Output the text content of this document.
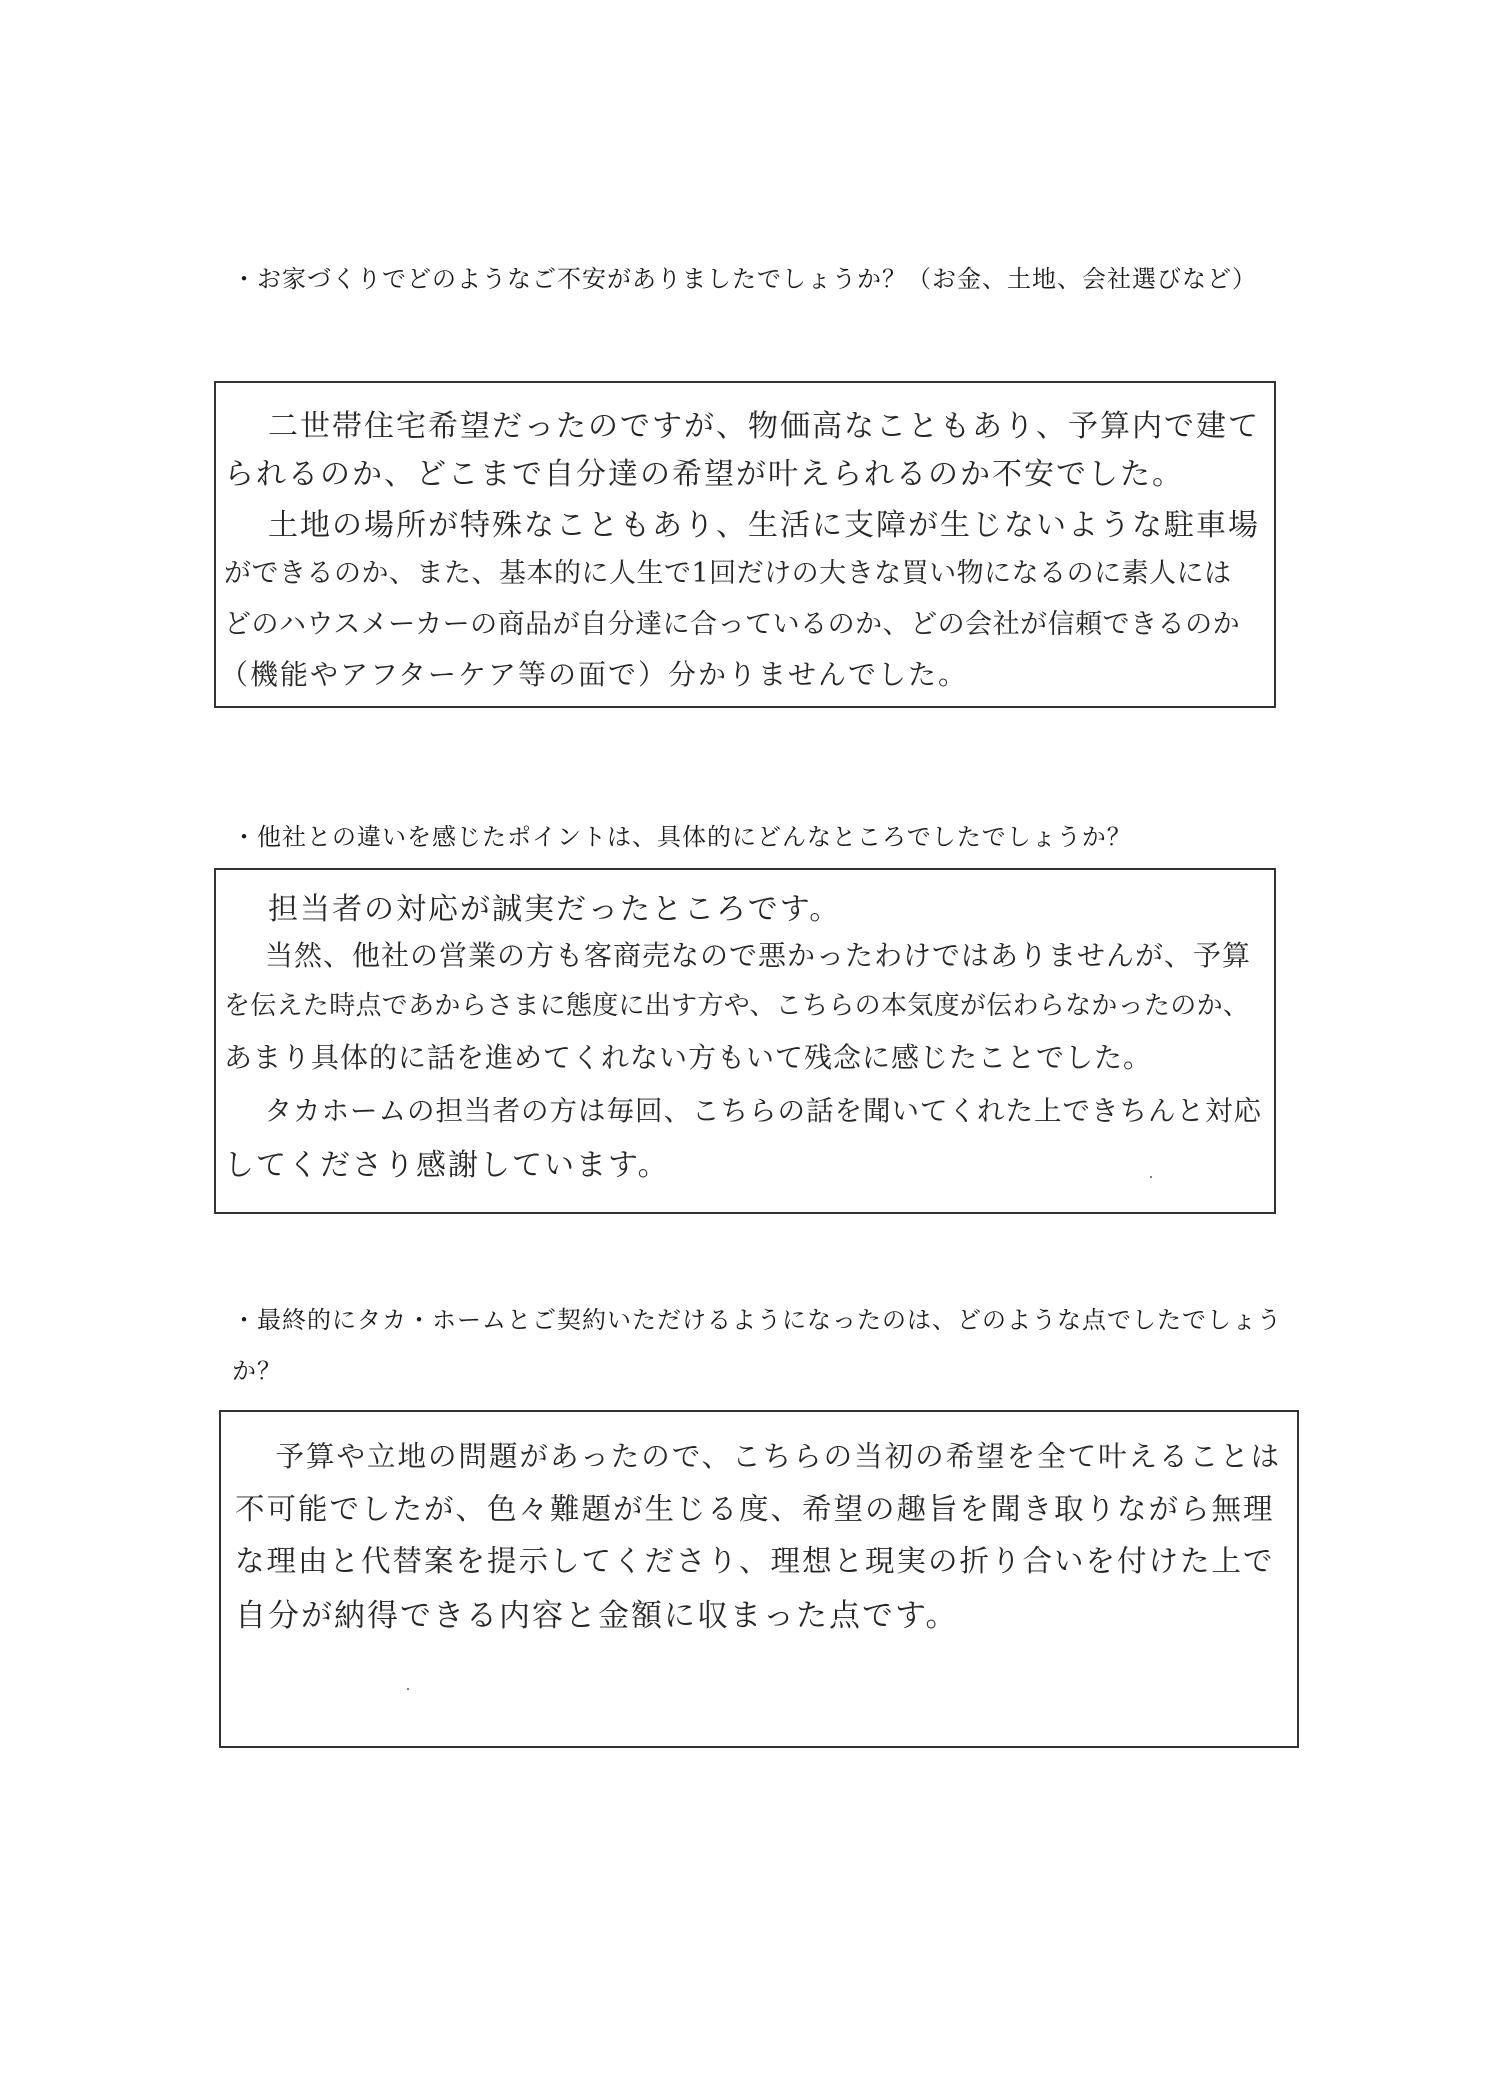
・お家づくりでどのようなご不安がありましたでしょうか？（お金、土地、会社選びなど）

　二世帯住宅希望だったのですが、物価高なこともあり、予算内で建て

られるのか、どこまで自分達の希望が叶えられるのか不安でした。

　土地の場所が特殊なこともあり、生活に支障が生じないような駐車場

ができるのか、また、基本的に人生で1回だけの大きな買い物になるのに素人には

どのハウスメーカーの商品が自分達に合っているのか、どの会社が信頼できるのか

（機能やアフターケア等の面で）分かりませんでした。

・他社との違いを感じたポイントは、具体的にどんなところでしたでしょうか？

　担当者の対応が誠実だったところです。

　当然、他社の営業の方も客商売なので悪かったわけではありませんが、予算

を伝えた時点であからさまに態度に出す方や、こちらの本気度が伝わらなかったのか、

あまり具体的に話を進めてくれない方もいて残念に感じたことでした。

　タカホームの担当者の方は毎回、こちらの話を聞いてくれた上できちんと対応

してくださり感謝しています。

・最終的にタカ・ホームとご契約いただけるようになったのは、どのような点でしたでしょうか？

　予算や立地の問題があったので、こちらの当初の希望を全て叶えることは

不可能でしたが、色々難題が生じる度、希望の趣旨を聞き取りながら無理

な理由と代替案を提示してくださり、理想と現実の折り合いを付けた上で

自分が納得できる内容と金額に収まった点です。
